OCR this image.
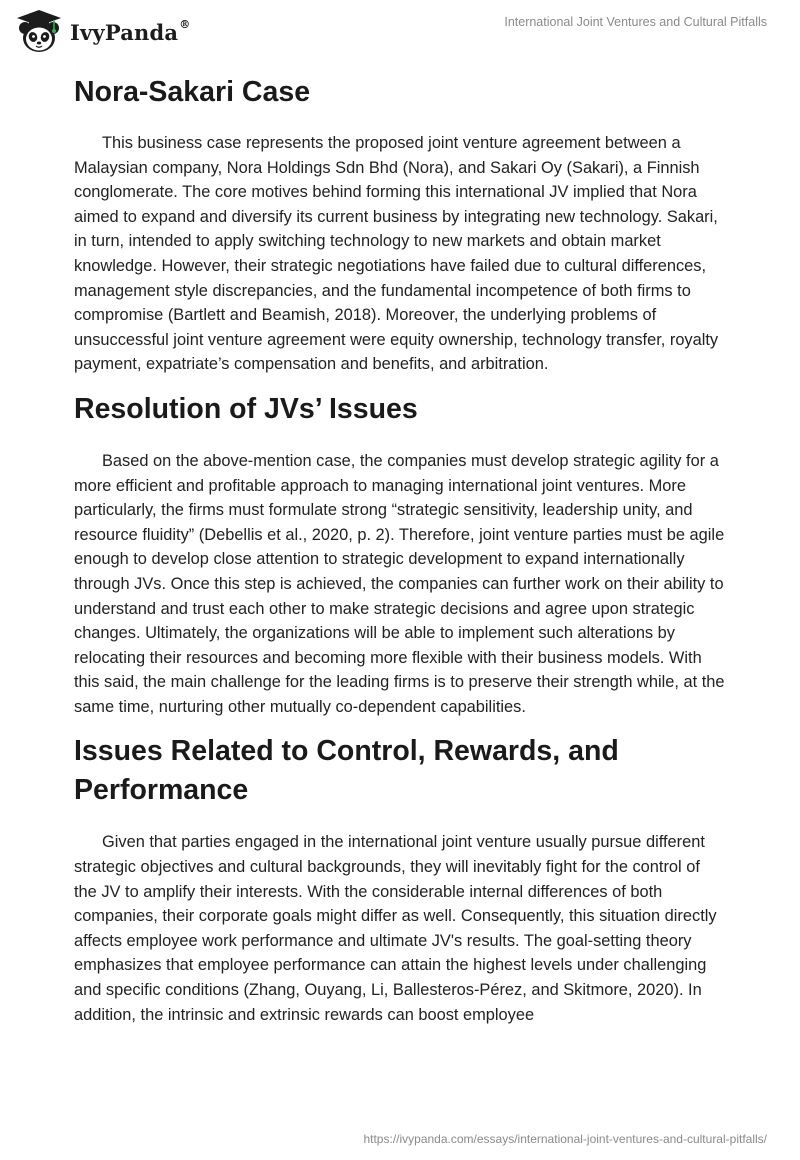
IvyPanda®	International Joint Ventures and Cultural Pitfalls
Nora-Sakari Case

This business case represents the proposed joint venture agreement between a Malaysian company, Nora Holdings Sdn Bhd (Nora), and Sakari Oy (Sakari), a Finnish conglomerate. The core motives behind forming this international JV implied that Nora aimed to expand and diversify its current business by integrating new technology. Sakari, in turn, intended to apply switching technology to new markets and obtain market knowledge. However, their strategic negotiations have failed due to cultural differences, management style discrepancies, and the fundamental incompetence of both firms to compromise (Bartlett and Beamish, 2018). Moreover, the underlying problems of unsuccessful joint venture agreement were equity ownership, technology transfer, royalty payment, expatriate’s compensation and benefits, and arbitration.

Resolution of JVs’ Issues

Based on the above-mention case, the companies must develop strategic agility for a more efficient and profitable approach to managing international joint ventures. More particularly, the firms must formulate strong “strategic sensitivity, leadership unity, and resource fluidity” (Debellis et al., 2020, p. 2). Therefore, joint venture parties must be agile enough to develop close attention to strategic development to expand internationally through JVs. Once this step is achieved, the companies can further work on their ability to understand and trust each other to make strategic decisions and agree upon strategic changes. Ultimately, the organizations will be able to implement such alterations by relocating their resources and becoming more flexible with their business models. With this said, the main challenge for the leading firms is to preserve their strength while, at the same time, nurturing other mutually co-dependent capabilities.

Issues Related to Control, Rewards, and Performance

Given that parties engaged in the international joint venture usually pursue different strategic objectives and cultural backgrounds, they will inevitably fight for the control of the JV to amplify their interests. With the considerable internal differences of both companies, their corporate goals might differ as well. Consequently, this situation directly affects employee work performance and ultimate JV's results. The goal-setting theory emphasizes that employee performance can attain the highest levels under challenging and specific conditions (Zhang, Ouyang, Li, Ballesteros-Pérez, and Skitmore, 2020). In addition, the intrinsic and extrinsic rewards can boost employee

https://ivypanda.com/essays/international-joint-ventures-and-cultural-pitfalls/
